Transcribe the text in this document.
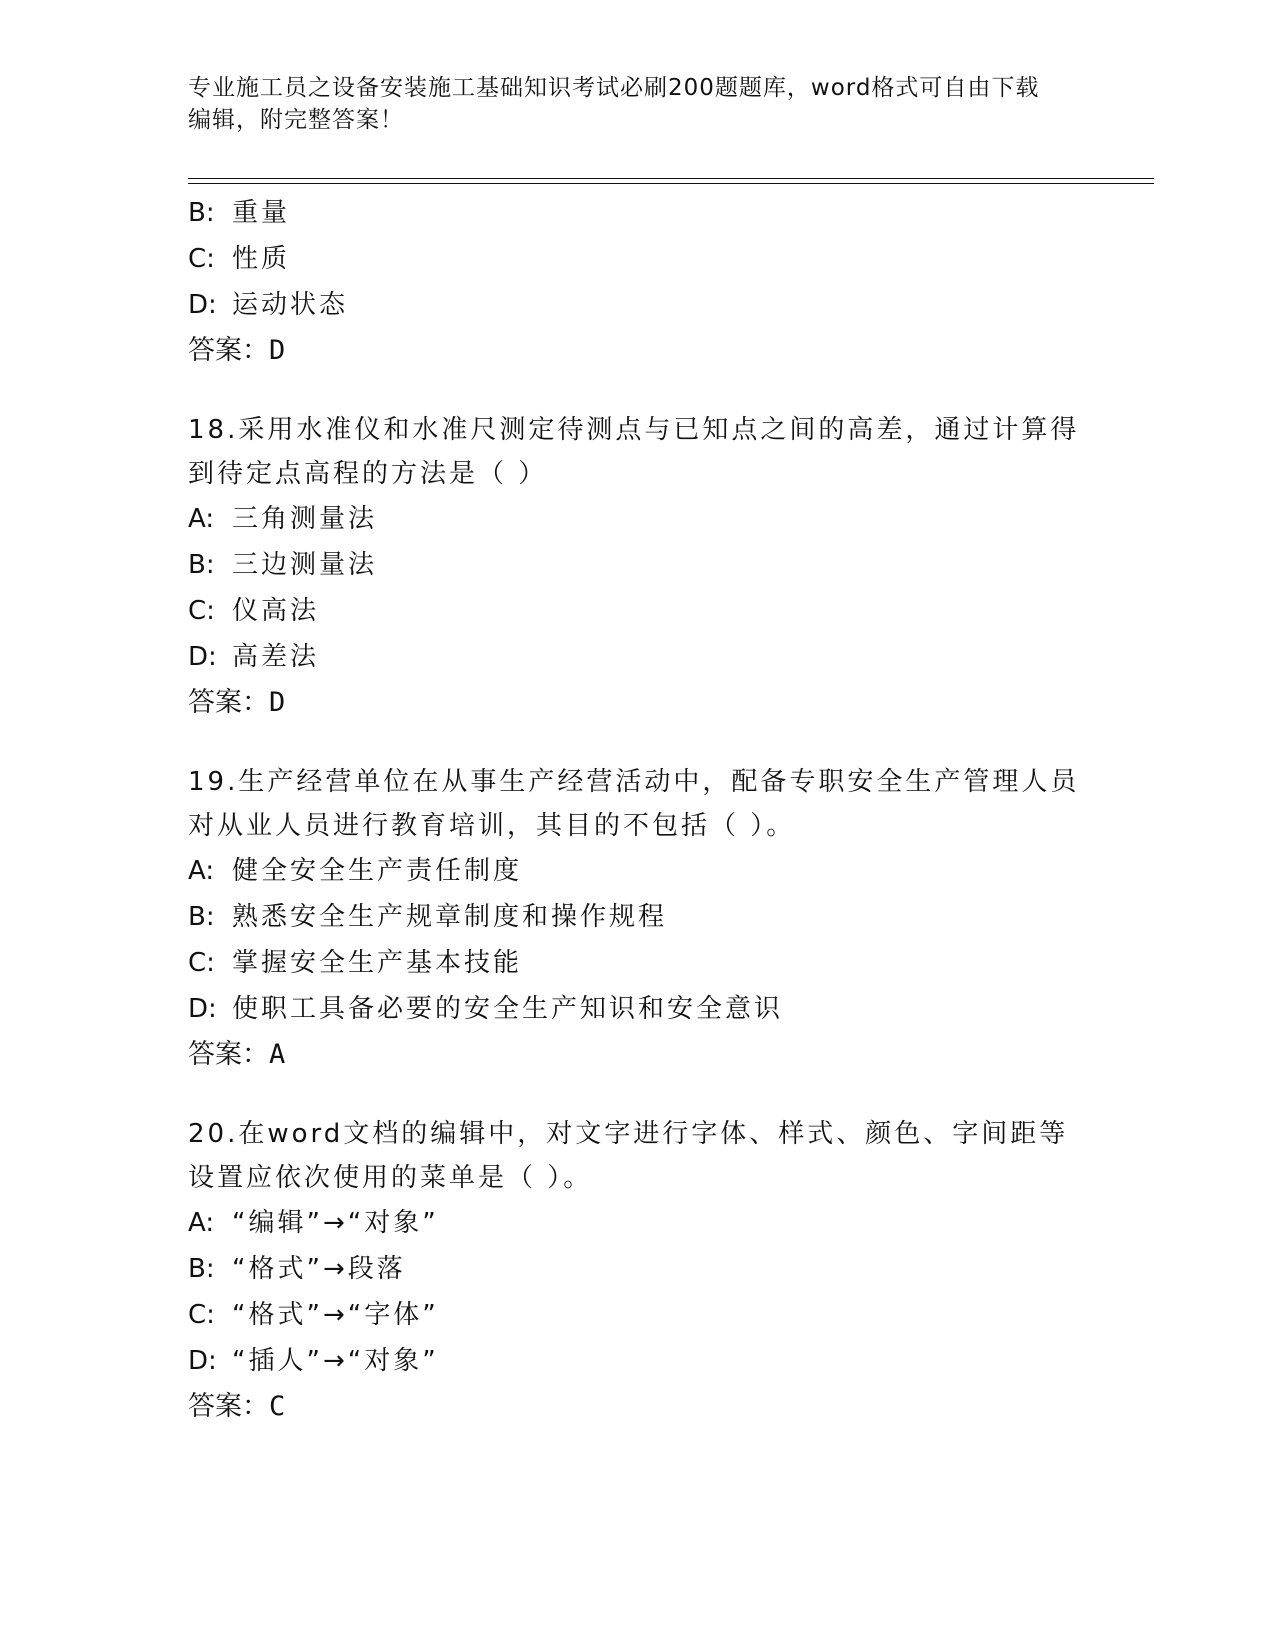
专业施工员之设备安装施工基础知识考试必刷200题题库，word格式可自由下载
编辑，附完整答案！
B: 重量
C: 性质
D: 运动状态
答案：D
18.采用水准仪和水准尺测定待测点与已知点之间的高差，通过计算得
到待定点高程的方法是（ ）
A: 三角测量法
B: 三边测量法
C: 仪高法
D: 高差法
答案：D
19.生产经营单位在从事生产经营活动中，配备专职安全生产管理人员
对从业人员进行教育培训，其目的不包括（ ）。
A: 健全安全生产责任制度
B: 熟悉安全生产规章制度和操作规程
C: 掌握安全生产基本技能
D: 使职工具备必要的安全生产知识和安全意识
答案：A
20.在word文档的编辑中，对文字进行字体、样式、颜色、字间距等
设置应依次使用的菜单是（ ）。
A: “编辑”→“对象”
B: “格式”→段落
C: “格式”→“字体”
D: “插人”→“对象”
答案：C
